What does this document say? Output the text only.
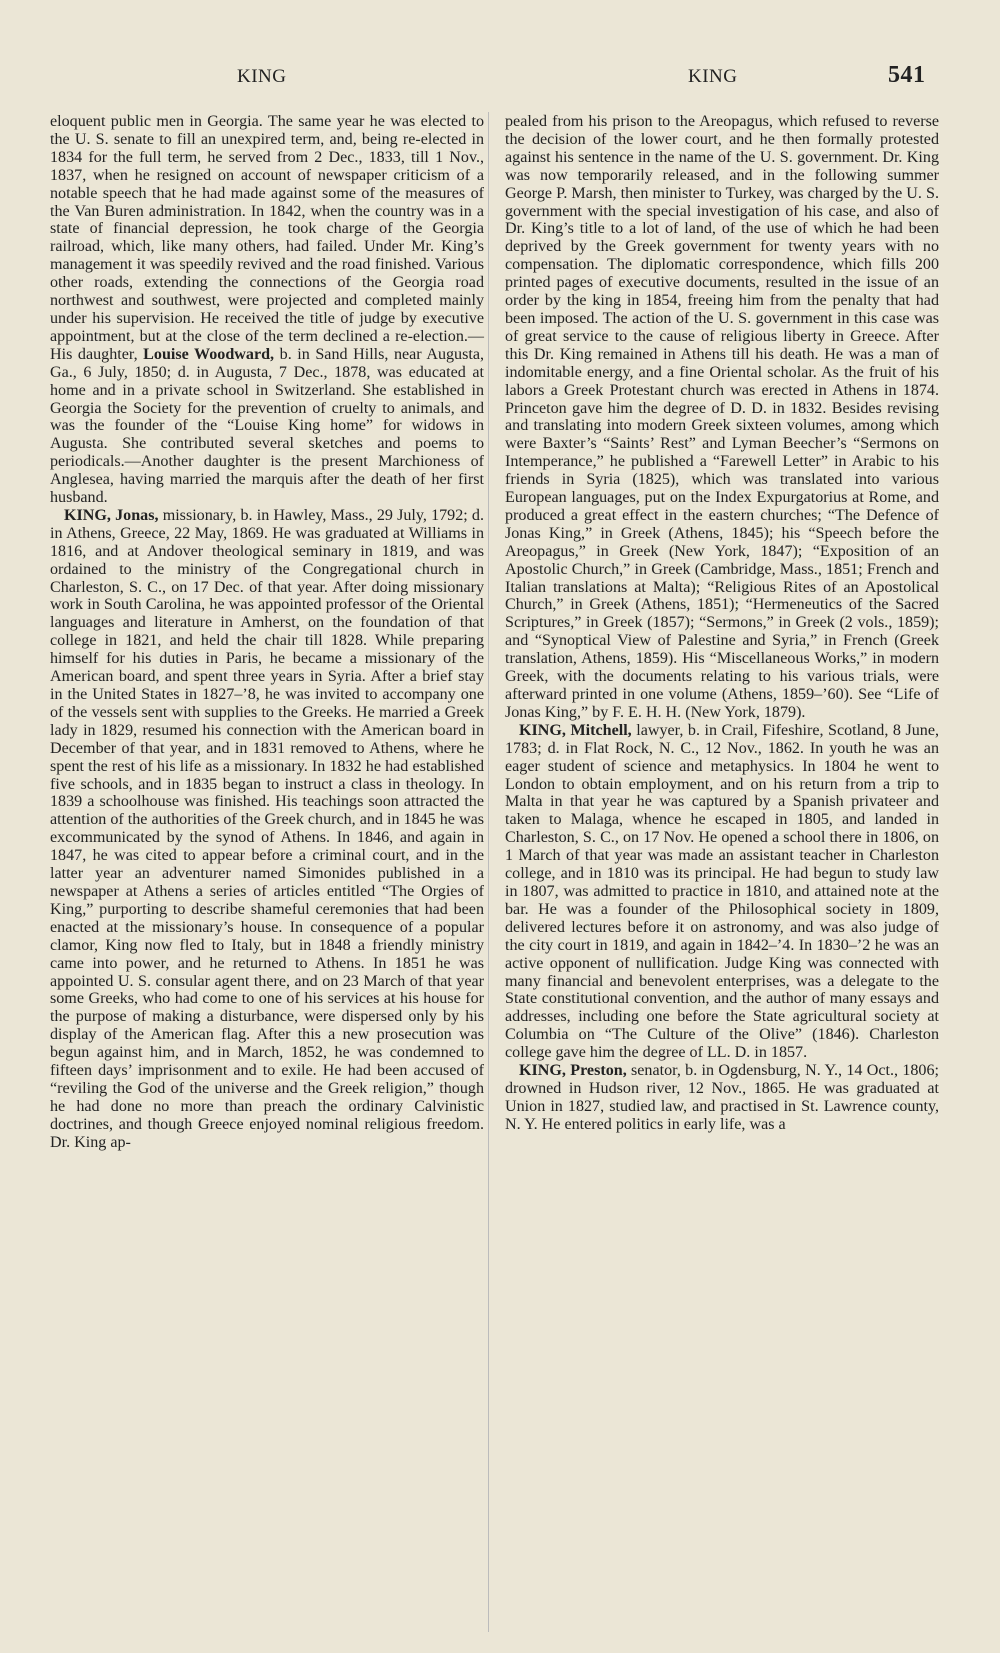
KING	KING	541

eloquent public men in Georgia. The same year he was elected to the U. S. senate to fill an unexpired term, and, being re-elected in 1834 for the full term, he served from 2 Dec., 1833, till 1 Nov., 1837, when he resigned on account of newspaper criticism of a notable speech that he had made against some of the measures of the Van Buren administration. In 1842, when the country was in a state of financial depression, he took charge of the Georgia railroad, which, like many others, had failed. Under Mr. King’s management it was speedily revived and the road finished. Various other roads, extending the connections of the Georgia road northwest and southwest, were projected and completed mainly under his supervision. He received the title of judge by executive appointment, but at the close of the term declined a re-election.—His daughter, Louise Woodward, b. in Sand Hills, near Augusta, Ga., 6 July, 1850; d. in Augusta, 7 Dec., 1878, was educated at home and in a private school in Switzerland. She established in Georgia the Society for the prevention of cruelty to animals, and was the founder of the “Louise King home” for widows in Augusta. She contributed several sketches and poems to periodicals.—Another daughter is the present Marchioness of Anglesea, having married the marquis after the death of her first husband.

KING, Jonas, missionary, b. in Hawley, Mass., 29 July, 1792; d. in Athens, Greece, 22 May, 1869. He was graduated at Williams in 1816, and at Andover theological seminary in 1819, and was ordained to the ministry of the Congregational church in Charleston, S. C., on 17 Dec. of that year. After doing missionary work in South Carolina, he was appointed professor of the Oriental languages and literature in Amherst, on the foundation of that college in 1821, and held the chair till 1828. While preparing himself for his duties in Paris, he became a missionary of the American board, and spent three years in Syria. After a brief stay in the United States in 1827–’8, he was invited to accompany one of the vessels sent with supplies to the Greeks. He married a Greek lady in 1829, resumed his connection with the American board in December of that year, and in 1831 removed to Athens, where he spent the rest of his life as a missionary. In 1832 he had established five schools, and in 1835 began to instruct a class in theology. In 1839 a schoolhouse was finished. His teachings soon attracted the attention of the authorities of the Greek church, and in 1845 he was excommunicated by the synod of Athens. In 1846, and again in 1847, he was cited to appear before a criminal court, and in the latter year an adventurer named Simonides published in a newspaper at Athens a series of articles entitled “The Orgies of King,” purporting to describe shameful ceremonies that had been enacted at the missionary’s house. In consequence of a popular clamor, King now fled to Italy, but in 1848 a friendly ministry came into power, and he returned to Athens. In 1851 he was appointed U. S. consular agent there, and on 23 March of that year some Greeks, who had come to one of his services at his house for the purpose of making a disturbance, were dispersed only by his display of the American flag. After this a new prosecution was begun against him, and in March, 1852, he was condemned to fifteen days’ imprisonment and to exile. He had been accused of “reviling the God of the universe and the Greek religion,” though he had done no more than preach the ordinary Calvinistic doctrines, and though Greece enjoyed nominal religious freedom. Dr. King ap-

pealed from his prison to the Areopagus, which refused to reverse the decision of the lower court, and he then formally protested against his sentence in the name of the U. S. government. Dr. King was now temporarily released, and in the following summer George P. Marsh, then minister to Turkey, was charged by the U. S. government with the special investigation of his case, and also of Dr. King’s title to a lot of land, of the use of which he had been deprived by the Greek government for twenty years with no compensation. The diplomatic correspondence, which fills 200 printed pages of executive documents, resulted in the issue of an order by the king in 1854, freeing him from the penalty that had been imposed. The action of the U. S. government in this case was of great service to the cause of religious liberty in Greece. After this Dr. King remained in Athens till his death. He was a man of indomitable energy, and a fine Oriental scholar. As the fruit of his labors a Greek Protestant church was erected in Athens in 1874. Princeton gave him the degree of D. D. in 1832. Besides revising and translating into modern Greek sixteen volumes, among which were Baxter’s “Saints’ Rest” and Lyman Beecher’s “Sermons on Intemperance,” he published a “Farewell Letter” in Arabic to his friends in Syria (1825), which was translated into various European languages, put on the Index Expurgatorius at Rome, and produced a great effect in the eastern churches; “The Defence of Jonas King,” in Greek (Athens, 1845); his “Speech before the Areopagus,” in Greek (New York, 1847); “Exposition of an Apostolic Church,” in Greek (Cambridge, Mass., 1851; French and Italian translations at Malta); “Religious Rites of an Apostolical Church,” in Greek (Athens, 1851); “Hermeneutics of the Sacred Scriptures,” in Greek (1857); “Sermons,” in Greek (2 vols., 1859); and “Synoptical View of Palestine and Syria,” in French (Greek translation, Athens, 1859). His “Miscellaneous Works,” in modern Greek, with the documents relating to his various trials, were afterward printed in one volume (Athens, 1859–’60). See “Life of Jonas King,” by F. E. H. H. (New York, 1879).

KING, Mitchell, lawyer, b. in Crail, Fifeshire, Scotland, 8 June, 1783; d. in Flat Rock, N. C., 12 Nov., 1862. In youth he was an eager student of science and metaphysics. In 1804 he went to London to obtain employment, and on his return from a trip to Malta in that year he was captured by a Spanish privateer and taken to Malaga, whence he escaped in 1805, and landed in Charleston, S. C., on 17 Nov. He opened a school there in 1806, on 1 March of that year was made an assistant teacher in Charleston college, and in 1810 was its principal. He had begun to study law in 1807, was admitted to practice in 1810, and attained note at the bar. He was a founder of the Philosophical society in 1809, delivered lectures before it on astronomy, and was also judge of the city court in 1819, and again in 1842–’4. In 1830–’2 he was an active opponent of nullification. Judge King was connected with many financial and benevolent enterprises, was a delegate to the State constitutional convention, and the author of many essays and addresses, including one before the State agricultural society at Columbia on “The Culture of the Olive” (1846). Charleston college gave him the degree of LL. D. in 1857.

KING, Preston, senator, b. in Ogdensburg, N. Y., 14 Oct., 1806; drowned in Hudson river, 12 Nov., 1865. He was graduated at Union in 1827, studied law, and practised in St. Lawrence county, N. Y. He entered politics in early life, was a
